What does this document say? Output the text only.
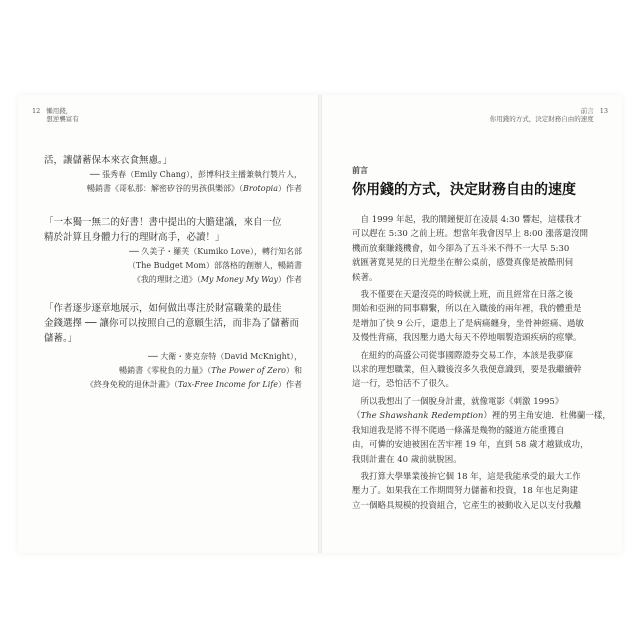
12 懶用錢，
想逆襲富有
活，讓儲蓄保本來衣食無慮。」
── 張秀春（Emily Chang），彭博科技主播兼執行製片人，
暢銷書《哥私那：解密矽谷的男孩俱樂部》（Brotopia）作者
「一本獨一無二的好書！書中提出的大膽建議，來自一位
精於計算且身體力行的理財高手，必讀！」
── 久美子・羅芙（Kumiko Love），轉行知名部
（The Budget Mom）部落格的創辦人，暢銷書
《我的理財之道》（My Money My Way）作者
「作者逐步逐章地展示，如何做出專注於財富職業的最佳
金錢選擇 ── 讓你可以按照自己的意願生活，而非為了儲蓄而
儲蓄。」
── 大衛・麥克奈特（David McKnight），
暢銷書《零稅負的力量》（The Power of Zero）和
《終身免稅的退休計畫》（Tax-Free Income for Life）作者
前言
你用錢的方式，決定財務自由的速度
13
前言
你用錢的方式，決定財務自由的速度
　自 1999 年起，我的鬧鐘便訂在凌晨 4:30 響起，這樣我才
可以趕在 5:30 之前上班。想當年我會因早上 8:00 漲落還沒開
機而放棄賺錢機會，如今卻為了五斗米不得不一大早 5:30
就匯著寬晃晃的日光燈坐在辦公桌前，感覺真像是被酷刑伺
候著。
　我不僅要在天還沒亮的時候就上班，而且經常在日落之後
開始和亞洲的同事聯繫，所以在入職後的兩年裡，我的體重是
是增加了快 9 公斤，還患上了是病痛纏身，坐骨神經痛、過敏
及慢性背痛，我因壓力過大每天不停地咽製造頭疾病的痙攣。
　在紐約的高盛公司從事國際證券交易工作，本該是我夢寐
以求的理想職業，但入職後沒多久我便意識到，要是我繼續幹
這一行，恐怕活不了很久。
　所以我想出了一個脫身計畫，就像電影《刺激 1995》
（The Shawshank Redemption）裡的男主角安迪．杜佛蘭一樣，
我知道我是將不得不爬過一條滿是幾物的隧道方能重獲自
由，可憐的安迪被困在苦牢裡 19 年，直到 58 歲才越獄成功，
我則計畫在 40 歲前就脫困。
　我打算大學畢業後拚它個 18 年，這是我能承受的最大工作
壓力了。如果我在工作期間努力儲蓄和投資，18 年也足夠建
立一個略具規模的投資組合，它產生的被動收入足以支付我離
